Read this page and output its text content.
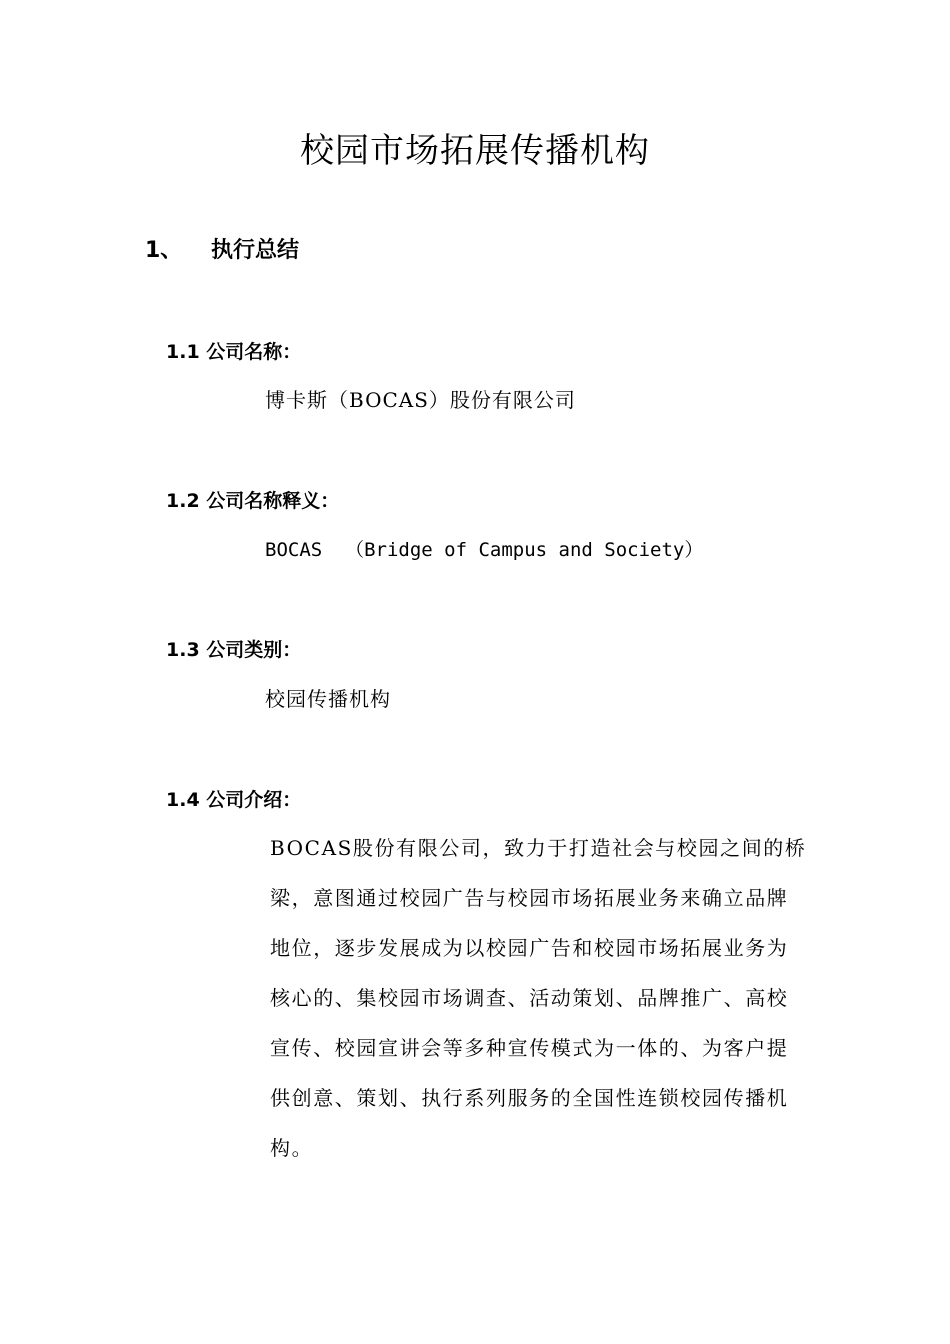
校园市场拓展传播机构
1、 执行总结
1.1 公司名称：
博卡斯（BOCAS）股份有限公司
1.2 公司名称释义：
BOCAS  （Bridge of Campus and Society）
1.3 公司类别：
校园传播机构
1.4 公司介绍：
BOCAS股份有限公司，致力于打造社会与校园之间的桥
梁，意图通过校园广告与校园市场拓展业务来确立品牌
地位，逐步发展成为以校园广告和校园市场拓展业务为
核心的、集校园市场调查、活动策划、品牌推广、高校
宣传、校园宣讲会等多种宣传模式为一体的、为客户提
供创意、策划、执行系列服务的全国性连锁校园传播机
构。
